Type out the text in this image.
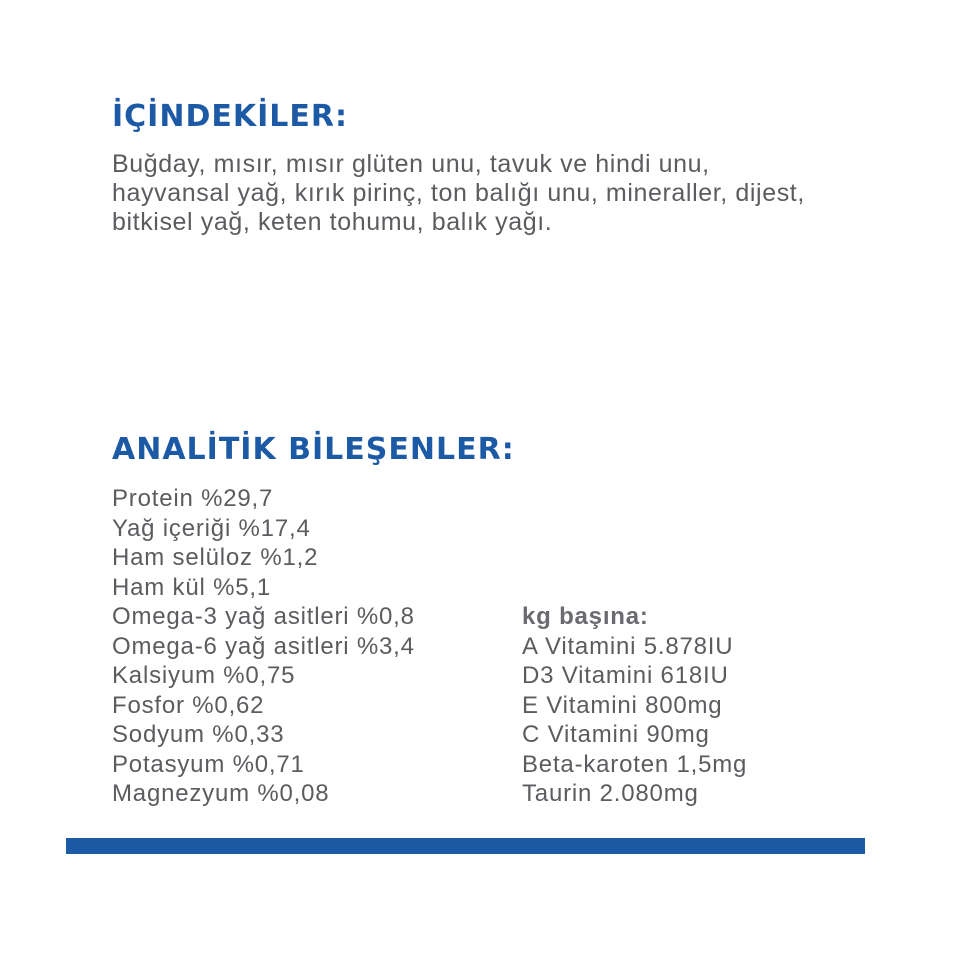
İÇİNDEKİLER:

Buğday, mısır, mısır glüten unu, tavuk ve hindi unu, hayvansal yağ, kırık pirinç, ton balığı unu, mineraller, dijest, bitkisel yağ, keten tohumu, balık yağı.

ANALİTİK BİLEŞENLER:
Protein %29,7
Yağ içeriği %17,4
Ham selüloz %1,2
Ham kül %5,1
Omega-3 yağ asitleri %0,8
Omega-6 yağ asitleri %3,4
Kalsiyum %0,75
Fosfor %0,62
Sodyum %0,33
Potasyum %0,71
Magnezyum %0,08
kg başına:
A Vitamini 5.878IU
D3 Vitamini 618IU
E Vitamini 800mg
C Vitamini 90mg
Beta-karoten 1,5mg
Taurin 2.080mg
